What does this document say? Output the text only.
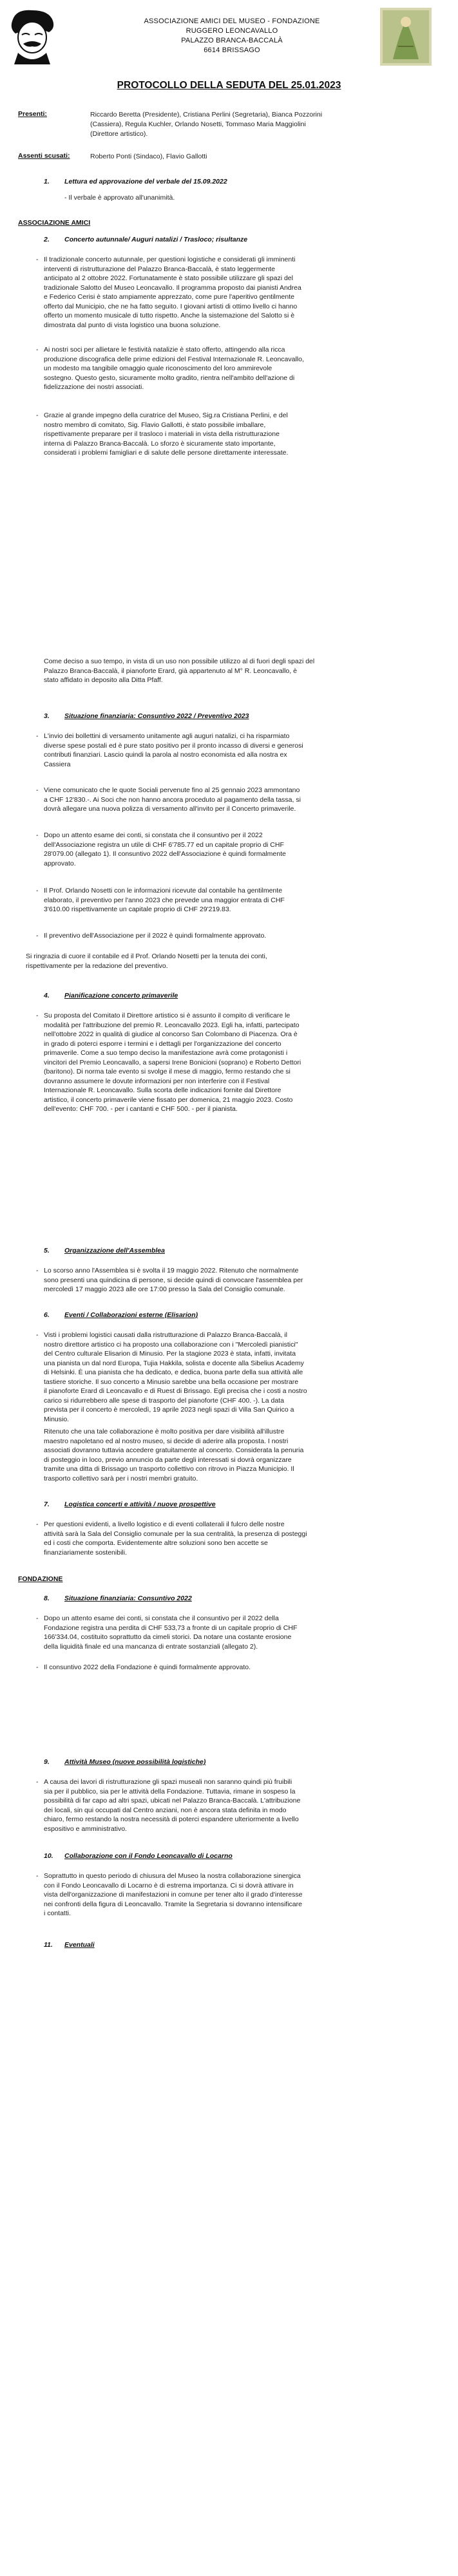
ASSOCIAZIONE AMICI DEL MUSEO - FONDAZIONE
RUGGERO LEONCAVALLO
PALAZZO BRANCA-BACCALÀ
6614 BRISSAGO
PROTOCOLLO DELLA SEDUTA DEL 25.01.2023
Presenti:	Riccardo Beretta (Presidente), Cristiana Perlini (Segretaria), Bianca Pozzorini
(Cassiera), Regula Kuchler, Orlando Nosetti, Tommaso Maria Maggiolini
(Direttore artistico).
Assenti scusati:	Roberto Ponti (Sindaco), Flavio Gallotti
1. Lettura ed approvazione del verbale del 15.09.2022
- Il verbale è approvato all'unanimità.
ASSOCIAZIONE AMICI
2. Concerto autunnale/ Auguri natalizi / Trasloco; risultanze
- Il tradizionale concerto autunnale, per questioni logistiche e considerati gli imminenti
interventi di ristrutturazione del Palazzo Branca-Baccalà, è stato leggermente
anticipato al 2 ottobre 2022. Fortunatamente è stato possibile utilizzare gli spazi del
tradizionale Salotto del Museo Leoncavallo. Il programma proposto dai pianisti Andrea
e Federico Cerisi è stato ampiamente apprezzato, come pure l'aperitivo gentilmente
offerto dal Municipio, che ne ha fatto seguito. I giovani artisti di ottimo livello ci hanno
offerto un momento musicale di tutto rispetto. Anche la sistemazione del Salotto si è
dimostrata dal punto di vista logistico una buona soluzione.
- Ai nostri soci per allietare le festività natalizie è stato offerto, attingendo alla ricca
produzione discografica delle prime edizioni del Festival Internazionale R. Leoncavallo,
un modesto ma tangibile omaggio quale riconoscimento del loro ammirevole
sostegno. Questo gesto, sicuramente molto gradito, rientra nell'ambito dell'azione di
fidelizzazione dei nostri associati.
- Grazie al grande impegno della curatrice del Museo, Sig.ra Cristiana Perlini, e del
nostro membro di comitato, Sig. Flavio Gallotti, è stato possibile imballare,
rispettivamente preparare per il trasloco i materiali in vista della ristrutturazione
interna di Palazzo Branca-Baccalà. Lo sforzo è sicuramente stato importante,
considerati i problemi famigliari e di salute delle persone direttamente interessate.
Come deciso a suo tempo, in vista di un uso non possibile utilizzo al di fuori degli spazi del
Palazzo Branca-Baccalà, il pianoforte Erard, già appartenuto al M° R. Leoncavallo, è
stato affidato in deposito alla Ditta Pfaff.
3. Situazione finanziaria: Consuntivo 2022 / Preventivo 2023
- L'invio dei bollettini di versamento unitamente agli auguri natalizi, ci ha risparmiato
diverse spese postali ed è pure stato positivo per il pronto incasso di diversi e generosi
contributi finanziari. Lascio quindi la parola al nostro economista ed alla nostra ex
Cassiera
- Viene comunicato che le quote Sociali pervenute fino al 25 gennaio 2023 ammontano
a CHF 12'830.-. Ai Soci che non hanno ancora proceduto al pagamento della tassa, si
dovrà allegare una nuova polizza di versamento all'invito per il Concerto primaverile.
- Dopo un attento esame dei conti, si constata che il consuntivo per il 2022
dell'Associazione registra un utile di CHF 6'785.77 ed un capitale proprio di CHF
28'079.00 (allegato 1). Il consuntivo 2022 dell'Associazione è quindi formalmente
approvato.
- Il Prof. Orlando Nosetti con le informazioni ricevute dal contabile ha gentilmente
elaborato, il preventivo per l'anno 2023 che prevede una maggior entrata di CHF
3'610.00 rispettivamente un capitale proprio di CHF 29'219.83.
- Il preventivo dell'Associazione per il 2022 è quindi formalmente approvato.
Si ringrazia di cuore il contabile ed il Prof. Orlando Nosetti per la tenuta dei conti,
rispettivamente per la redazione del preventivo.
4. Pianificazione concerto primaverile
- Su proposta del Comitato il Direttore artistico si è assunto il compito di verificare le
modalità per l'attribuzione del premio R. Leoncavallo 2023. Egli ha, infatti, partecipato
nell'ottobre 2022 in qualità di giudice al concorso San Colombano di Piacenza. Ora è
in grado di poterci esporre i termini e i dettagli per l'organizzazione del concerto
primaverile. Come a suo tempo deciso la manifestazione avrà come protagonisti i
vincitori del Premio Leoncavallo, a sapersi Irene Bonicioni (soprano) e Roberto Dettori
(baritono). Di norma tale evento si svolge il mese di maggio, fermo restando che si
dovranno assumere le dovute informazioni per non interferire con il Festival
Internazionale R. Leoncavallo. Sulla scorta delle indicazioni fornite dal Direttore
artistico, il concerto primaverile viene fissato per domenica, 21 maggio 2023. Costo
dell'evento: CHF 700. - per i cantanti e CHF 500. - per il pianista.
5. Organizzazione dell'Assemblea
- Lo scorso anno l'Assemblea si è svolta il 19 maggio 2022. Ritenuto che normalmente
sono presenti una quindicina di persone, si decide quindi di convocare l'assemblea per
mercoledì 17 maggio 2023 alle ore 17:00 presso la Sala del Consiglio comunale.
6. Eventi / Collaborazioni esterne (Elisarion)
- Visti i problemi logistici causati dalla ristrutturazione di Palazzo Branca-Baccalà, il
nostro direttore artistico ci ha proposto una collaborazione con i "Mercoledì pianistici"
del Centro culturale Elisarion di Minusio. Per la stagione 2023 è stata, infatti, invitata
una pianista un dal nord Europa, Tujia Hakkila, solista e docente alla Sibelius Academy
di Helsinki. È una pianista che ha dedicato, e dedica, buona parte della sua attività alle
tastiere storiche. Il suo concerto a Minusio sarebbe una bella occasione per mostrare
il pianoforte Erard di Leoncavallo e di Ruest di Brissago. Egli precisa che i costi a nostro
carico si ridurrebbero alle spese di trasporto del pianoforte (CHF 400. -). La data
prevista per il concerto è mercoledì, 19 aprile 2023 negli spazi di Villa San Quirico a
Minusio.
Ritenuto che una tale collaborazione è molto positiva per dare visibilità all'illustre
maestro napoletano ed al nostro museo, si decide di aderire alla proposta. I nostri
associati dovranno tuttavia accedere gratuitamente al concerto. Considerata la penuria
di posteggio in loco, previo annuncio da parte degli interessati si dovrà organizzare
tramite una ditta di Brissago un trasporto collettivo con ritrovo in Piazza Municipio. Il
trasporto collettivo sarà per i nostri membri gratuito.
7. Logistica concerti e attività / nuove prospettive
- Per questioni evidenti, a livello logistico e di eventi collaterali il fulcro delle nostre
attività sarà la Sala del Consiglio comunale per la sua centralità, la presenza di posteggi
ed i costi che comporta. Evidentemente altre soluzioni sono ben accette se
finanziariamente sostenibili.
FONDAZIONE
8. Situazione finanziaria: Consuntivo 2022
- Dopo un attento esame dei conti, si constata che il consuntivo per il 2022 della
Fondazione registra una perdita di CHF 533,73 a fronte di un capitale proprio di CHF
166'334.04, costituito soprattutto da cimeli storici. Da notare una costante erosione
della liquidità finale ed una mancanza di entrate sostanziali (allegato 2).
- Il consuntivo 2022 della Fondazione è quindi formalmente approvato.
9. Attività Museo (nuove possibilità logistiche)
- A causa dei lavori di ristrutturazione gli spazi museali non saranno quindi più fruibili
sia per il pubblico, sia per le attività della Fondazione. Tuttavia, rimane in sospeso la
possibilità di far capo ad altri spazi, ubicati nel Palazzo Branca-Baccalà. L'attribuzione
dei locali, sin qui occupati dal Centro anziani, non è ancora stata definita in modo
chiaro, fermo restando la nostra necessità di poterci espandere ulteriormente a livello
espositivo e amministrativo.
10. Collaborazione con il Fondo Leoncavallo di Locarno
- Soprattutto in questo periodo di chiusura del Museo la nostra collaborazione sinergica
con il Fondo Leoncavallo di Locarno è di estrema importanza. Ci si dovrà attivare in
vista dell'organizzazione di manifestazioni in comune per tener alto il grado d'interesse
nei confronti della figura di Leoncavallo. Tramite la Segretaria si dovranno intensificare
i contatti.
11. Eventuali
